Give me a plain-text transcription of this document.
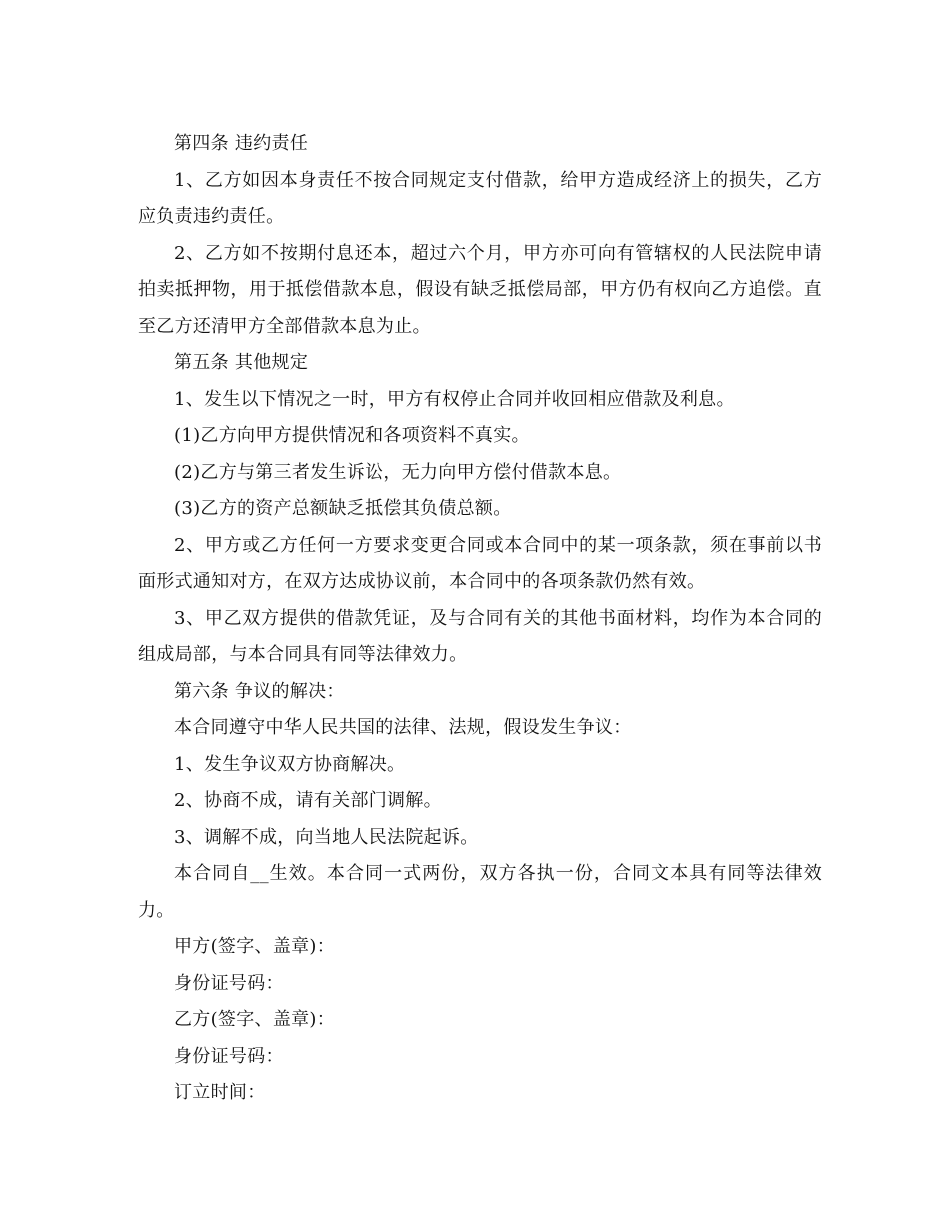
第四条 违约责任

1、乙方如因本身责任不按合同规定支付借款，给甲方造成经济上的损失，乙方应负责违约责任。

2、乙方如不按期付息还本，超过六个月，甲方亦可向有管辖权的人民法院申请拍卖抵押物，用于抵偿借款本息，假设有缺乏抵偿局部，甲方仍有权向乙方追偿。直至乙方还清甲方全部借款本息为止。

第五条 其他规定

1、发生以下情况之一时，甲方有权停止合同并收回相应借款及利息。

(1)乙方向甲方提供情况和各项资料不真实。

(2)乙方与第三者发生诉讼，无力向甲方偿付借款本息。

(3)乙方的资产总额缺乏抵偿其负债总额。

2、甲方或乙方任何一方要求变更合同或本合同中的某一项条款，须在事前以书面形式通知对方，在双方达成协议前，本合同中的各项条款仍然有效。

3、甲乙双方提供的借款凭证，及与合同有关的其他书面材料，均作为本合同的组成局部，与本合同具有同等法律效力。

第六条 争议的解决：

本合同遵守中华人民共国的法律、法规，假设发生争议：

1、发生争议双方协商解决。

2、协商不成，请有关部门调解。

3、调解不成，向当地人民法院起诉。

本合同自__生效。本合同一式两份，双方各执一份，合同文本具有同等法律效力。

甲方(签字、盖章)：

身份证号码：

乙方(签字、盖章)：

身份证号码：

订立时间：
